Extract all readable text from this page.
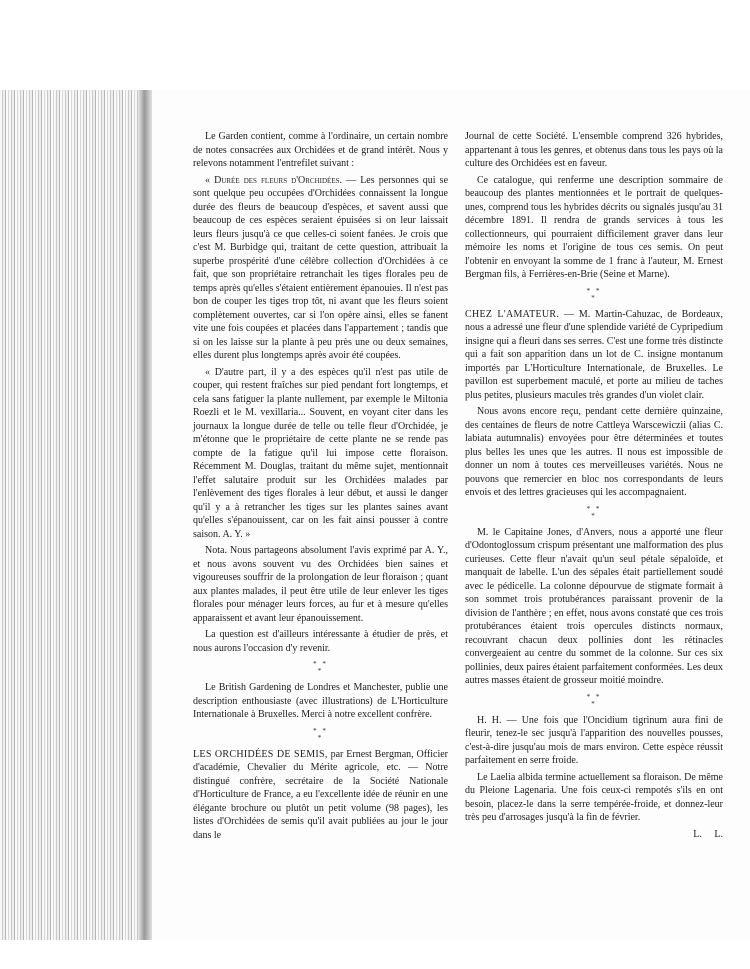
Le Garden contient, comme à l'ordinaire, un certain nombre de notes consacrées aux Orchidées et de grand intérêt. Nous y relevons notamment l'entrefilet suivant :

« Durée des fleurs d'Orchidées. — Les personnes qui se sont quelque peu occupées d'Orchidées connaissent la longue durée des fleurs de beaucoup d'espèces, et savent aussi que beaucoup de ces espèces seraient épuisées si on leur laissait leurs fleurs jusqu'à ce que celles-ci soient fanées. Je crois que c'est M. Burbidge qui, traitant de cette question, attribuait la superbe prospérité d'une célèbre collection d'Orchidées à ce fait, que son propriétaire retranchait les tiges florales peu de temps après qu'elles s'étaient entièrement épanouies. Il n'est pas bon de couper les tiges trop tôt, ni avant que les fleurs soient complètement ouvertes, car si l'on opère ainsi, elles se fanent vite une fois coupées et placées dans l'appartement ; tandis que si on les laisse sur la plante à peu près une ou deux semaines, elles durent plus longtemps après avoir été coupées.

« D'autre part, il y a des espèces qu'il n'est pas utile de couper, qui restent fraîches sur pied pendant fort longtemps, et cela sans fatiguer la plante nullement, par exemple le Miltonia Roezli et le M. vexillaria... Souvent, en voyant citer dans les journaux la longue durée de telle ou telle fleur d'Orchidée, je m'étonne que le propriétaire de cette plante ne se rende pas compte de la fatigue qu'il lui impose cette floraison. Récemment M. Douglas, traitant du même sujet, mentionnait l'effet salutaire produit sur les Orchidées malades par l'enlèvement des tiges florales à leur début, et aussi le danger qu'il y a à retrancher les tiges sur les plantes saines avant qu'elles s'épanouissent, car on les fait ainsi pousser à contre saison. A. Y. »

Nota. Nous partageons absolument l'avis exprimé par A. Y., et nous avons souvent vu des Orchidées bien saines et vigoureuses souffrir de la prolongation de leur floraison ; quant aux plantes malades, il peut être utile de leur enlever les tiges florales pour ménager leurs forces, au fur et à mesure qu'elles apparaissent et avant leur épanouissement.

La question est d'ailleurs intéressante à étudier de près, et nous aurons l'occasion d'y revenir.

* *
*

Le British Gardening de Londres et Manchester, publie une description enthousiaste (avec illustrations) de L'Horticulture Internationale à Bruxelles. Merci à notre excellent confrère.

* *
*

LES ORCHIDÉES DE SEMIS, par Ernest Bergman, Officier d'académie, Chevalier du Mérite agricole, etc. — Notre distingué confrère, secrétaire de la Société Nationale d'Horticulture de France, a eu l'excellente idée de réunir en une élégante brochure ou plutôt un petit volume (98 pages), les listes d'Orchidées de semis qu'il avait publiées au jour le jour dans le

Journal de cette Société. L'ensemble comprend 326 hybrides, appartenant à tous les genres, et obtenus dans tous les pays où la culture des Orchidées est en faveur.

Ce catalogue, qui renferme une description sommaire de beaucoup des plantes mentionnées et le portrait de quelques-unes, comprend tous les hybrides décrits ou signalés jusqu'au 31 décembre 1891. Il rendra de grands services à tous les collectionneurs, qui pourraient difficilement graver dans leur mémoire les noms et l'origine de tous ces semis. On peut l'obtenir en envoyant la somme de 1 franc à l'auteur, M. Ernest Bergman fils, à Ferrières-en-Brie (Seine et Marne).

* *
*

CHEZ L'AMATEUR. — M. Martin-Cahuzac, de Bordeaux, nous a adressé une fleur d'une splendide variété de Cypripedium insigne qui a fleuri dans ses serres. C'est une forme très distincte qui a fait son apparition dans un lot de C. insigne montanum importés par L'Horticulture Internationale, de Bruxelles. Le pavillon est superbement maculé, et porte au milieu de taches plus petites, plusieurs macules très grandes d'un violet clair.

Nous avons encore reçu, pendant cette dernière quinzaine, des centaines de fleurs de notre Cattleya Warscewiczii (alias C. labiata autumnalis) envoyées pour être déterminées et toutes plus belles les unes que les autres. Il nous est impossible de donner un nom à toutes ces merveilleuses variétés. Nous ne pouvons que remercier en bloc nos correspondants de leurs envois et des lettres gracieuses qui les accompagnaient.

* *
*

M. le Capitaine Jones, d'Anvers, nous a apporté une fleur d'Odontoglossum crispum présentant une malformation des plus curieuses. Cette fleur n'avait qu'un seul pétale sépaloïde, et manquait de labelle. L'un des sépales était partiellement soudé avec le pédicelle. La colonne dépourvue de stigmate formait à son sommet trois protubérances paraissant provenir de la division de l'anthère ; en effet, nous avons constaté que ces trois protubérances étaient trois opercules distincts normaux, recouvrant chacun deux pollinies dont les rétinacles convergeaient au centre du sommet de la colonne. Sur ces six pollinies, deux paires étaient parfaitement conformées. Les deux autres masses étaient de grosseur moitié moindre.

* *
*

H. H. — Une fois que l'Oncidium tigrinum aura fini de fleurir, tenez-le sec jusqu'à l'apparition des nouvelles pousses, c'est-à-dire jusqu'au mois de mars environ. Cette espèce réussit parfaitement en serre froide.

Le Laelia albida termine actuellement sa floraison. De même du Pleione Lagenaria. Une fois ceux-ci rempotés s'ils en ont besoin, placez-le dans la serre tempérée-froide, et donnez-leur très peu d'arrosages jusqu'à la fin de février.

L. L.
